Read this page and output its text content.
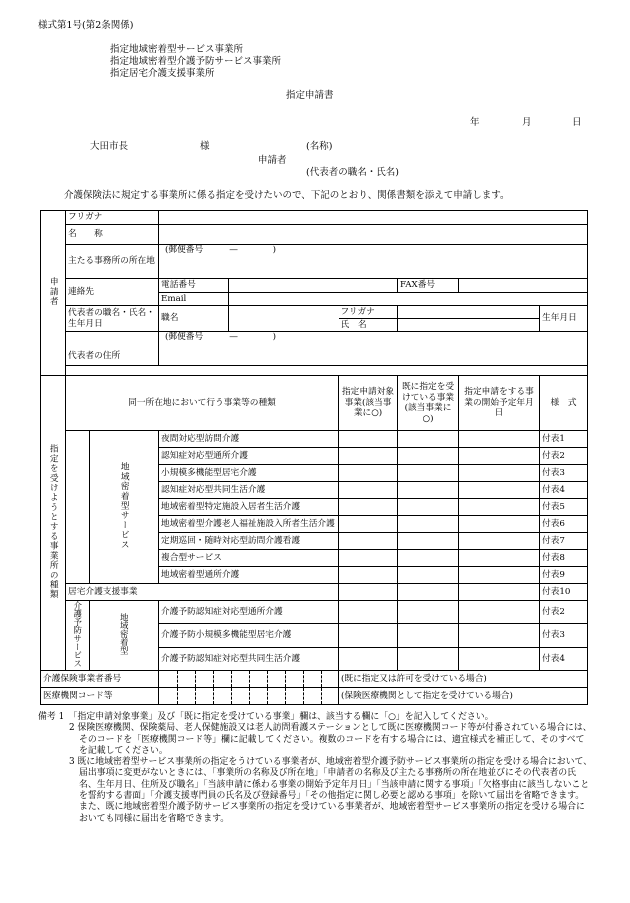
様式第1号(第2条関係)
指定地域密着型サービス事業所
指定地域密着型介護予防サービス事業所
指定居宅介護支援事業所
指定申請書
年	月	日
大田市長	様	(名称)
申請者
(代表者の職名・氏名)
介護保険法に規定する事業所に係る指定を受けたいので、下記のとおり、関係書類を添えて申請します。
申請者	フリガナ								
	名　　称								
	主たる事務所の所在地		(郵便番号　　　—　　　　)						
	連絡先		電話番号			FAX番号			
			Email						
	代表者の職名・氏名・生年月日		職名		フリガナ			生年月日	
					氏　名				
	代表者の住所		(郵便番号　　　—　　　　)						

指定を受けようとする事業所の種類	同一所在地において行う事業等の種類				指定申請対象事業(該当事業に○)	既に指定を受けている事業(該当事業に○)	指定申請をする事業の開始予定年月日	様　式	
		地域密着型サービス	夜間対応型訪問介護					付表1	
			認知症対応型通所介護					付表2	
			小規模多機能型居宅介護					付表3	
			認知症対応型共同生活介護					付表4	
			地域密着型特定施設入居者生活介護					付表5	
			地域密着型介護老人福祉施設入所者生活介護					付表6	
			定期巡回・随時対応型訪問介護看護					付表7	
			複合型サービス					付表8	
			地域密着型通所介護					付表9	
	居宅介護支援事業							付表10	
	介護予防サービス	地域密着型	介護予防認知症対応型通所介護					付表2	
			介護予防小規模多機能型居宅介護					付表3	
			介護予防認知症対応型共同生活介護					付表4	
介護保険事業者番号					(既に指定又は許可を受けている場合)				
医療機関コード等					(保険医療機関として指定を受けている場合)				
備考 1　「指定申請対象事業」及び「既に指定を受けている事業」欄は、該当する欄に「○」を記入してください。
2 保険医療機関、保険薬局、老人保健施設又は老人訪問看護ステーションとして既に医療機関コード等が付番されている場合には、そのコードを「医療機関コード等」欄に記載してください。複数のコードを有する場合には、適宜様式を補正して、そのすべてを記載してください。
3 既に地域密着型サービス事業所の指定をうけている事業者が、地域密着型介護予防サービス事業所の指定を受ける場合において、届出事項に変更がないときには、「事業所の名称及び所在地」「申請者の名称及び主たる事務所の所在地並びにその代表者の氏名、生年月日、住所及び職名」「当該申請に係わる事業の開始予定年月日」「当該申請に関する事項」「欠格事由に該当しないことを誓約する書面」「介護支援専門員の氏名及び登録番号」「その他指定に関し必要と認める事項」を除いて届出を省略できます。また、既に地域密着型介護予防サービス事業所の指定を受けている事業者が、地域密着型サービス事業所の指定を受ける場合においても同様に届出を省略できます。
